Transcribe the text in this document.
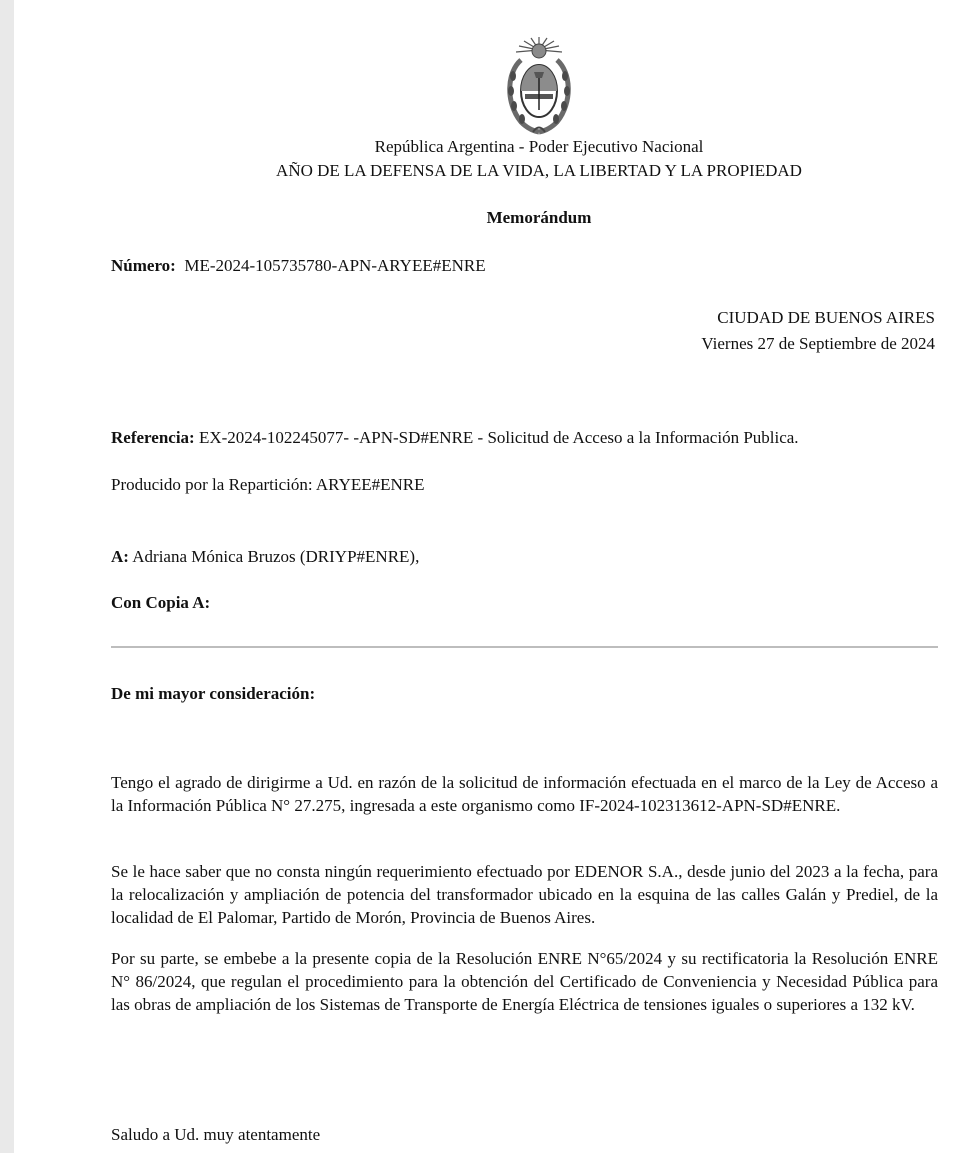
República Argentina - Poder Ejecutivo Nacional
AÑO DE LA DEFENSA DE LA VIDA, LA LIBERTAD Y LA PROPIEDAD
Memorándum
Número: ME-2024-105735780-APN-ARYEE#ENRE
CIUDAD DE BUENOS AIRES
Viernes 27 de Septiembre de 2024
Referencia: EX-2024-102245077- -APN-SD#ENRE - Solicitud de Acceso a la Información Publica.
Producido por la Repartición: ARYEE#ENRE
A: Adriana Mónica Bruzos (DRIYP#ENRE),
Con Copia A:
De mi mayor consideración:
Tengo el agrado de dirigirme a Ud. en razón de la solicitud de información efectuada en el marco de la Ley de Acceso a la Información Pública N° 27.275, ingresada a este organismo como IF-2024-102313612-APN-SD#ENRE.
Se le hace saber que no consta ningún requerimiento efectuado por EDENOR S.A., desde junio del 2023 a la fecha, para la relocalización y ampliación de potencia del transformador ubicado en la esquina de las calles Galán y Prediel, de la localidad de El Palomar, Partido de Morón, Provincia de Buenos Aires.
Por su parte, se embebe a la presente copia de la Resolución ENRE N°65/2024 y su rectificatoria la Resolución ENRE N° 86/2024, que regulan el procedimiento para la obtención del Certificado de Conveniencia y Necesidad Pública para las obras de ampliación de los Sistemas de Transporte de Energía Eléctrica de tensiones iguales o superiores a 132 kV.
Saludo a Ud. muy atentamente
